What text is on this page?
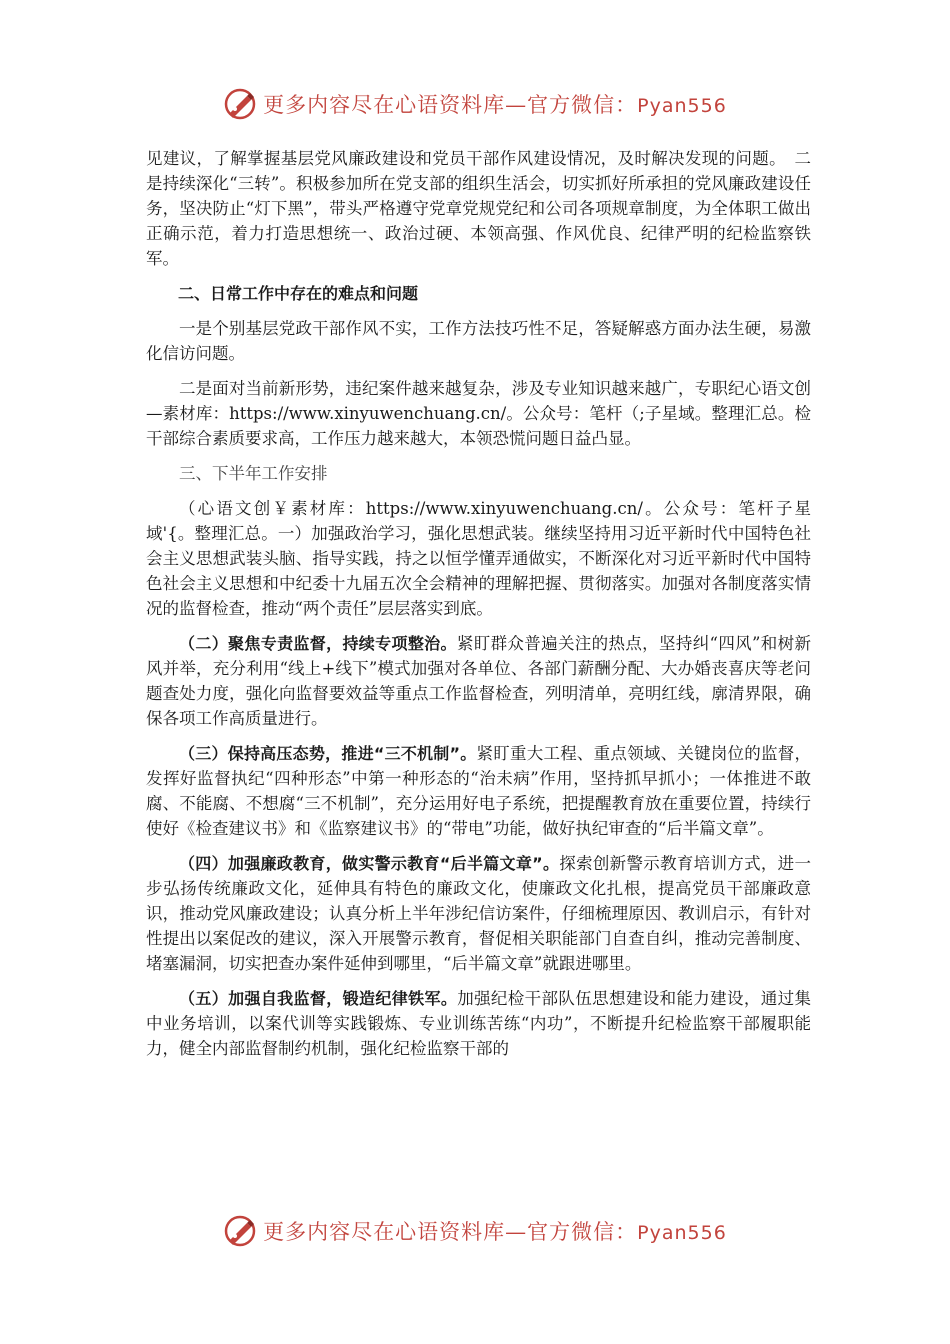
更多内容尽在心语资料库—官方微信：Pyan556

见建议，了解掌握基层党风廉政建设和党员干部作风建设情况，及时解决发现的问题。　二是持续深化“三转”。积极参加所在党支部的组织生活会，切实抓好所承担的党风廉政建设任务，坚决防止“灯下黑”，带头严格遵守党章党规党纪和公司各项规章制度，为全体职工做出正确示范，着力打造思想统一、政治过硬、本领高强、作风优良、纪律严明的纪检监察铁军。

二、日常工作中存在的难点和问题

一是个别基层党政干部作风不实，工作方法技巧性不足，答疑解惑方面办法生硬，易激化信访问题。

二是面对当前新形势，违纪案件越来越复杂，涉及专业知识越来越广，专职纪心语文创—素材库：https://www.xinyuwenchuang.cn/。公众号：笔杆（;子星域。整理汇总。检干部综合素质要求高，工作压力越来越大，本领恐慌问题日益凸显。

三、下半年工作安排

（心语文创￥素材库：https://www.xinyuwenchuang.cn/。公众号：笔杆子星域'{。整理汇总。一）加强政治学习，强化思想武装。继续坚持用习近平新时代中国特色社会主义思想武装头脑、指导实践，持之以恒学懂弄通做实，不断深化对习近平新时代中国特色社会主义思想和中纪委十九届五次全会精神的理解把握、贯彻落实。加强对各制度落实情况的监督检查，推动“两个责任”层层落实到底。

（二）聚焦专责监督，持续专项整治。紧盯群众普遍关注的热点，坚持纠“四风”和树新风并举，充分利用“线上+线下”模式加强对各单位、各部门薪酬分配、大办婚丧喜庆等老问题查处力度，强化向监督要效益等重点工作监督检查，列明清单，亮明红线，廓清界限，确保各项工作高质量进行。

（三）保持高压态势，推进“三不机制”。紧盯重大工程、重点领域、关键岗位的监督，发挥好监督执纪“四种形态”中第一种形态的“治未病”作用，坚持抓早抓小；一体推进不敢腐、不能腐、不想腐“三不机制”，充分运用好电子系统，把提醒教育放在重要位置，持续行使好《检查建议书》和《监察建议书》的“带电”功能，做好执纪审查的“后半篇文章”。

（四）加强廉政教育，做实警示教育“后半篇文章”。探索创新警示教育培训方式，进一步弘扬传统廉政文化，延伸具有特色的廉政文化，使廉政文化扎根，提高党员干部廉政意识，推动党风廉政建设；认真分析上半年涉纪信访案件，仔细梳理原因、教训启示，有针对性提出以案促改的建议，深入开展警示教育，督促相关职能部门自查自纠，推动完善制度、堵塞漏洞，切实把查办案件延伸到哪里，“后半篇文章”就跟进哪里。

（五）加强自我监督，锻造纪律铁军。加强纪检干部队伍思想建设和能力建设，通过集中业务培训，以案代训等实践锻炼、专业训练苦练“内功”，不断提升纪检监察干部履职能力，健全内部监督制约机制，强化纪检监察干部的

更多内容尽在心语资料库—官方微信：Pyan556
